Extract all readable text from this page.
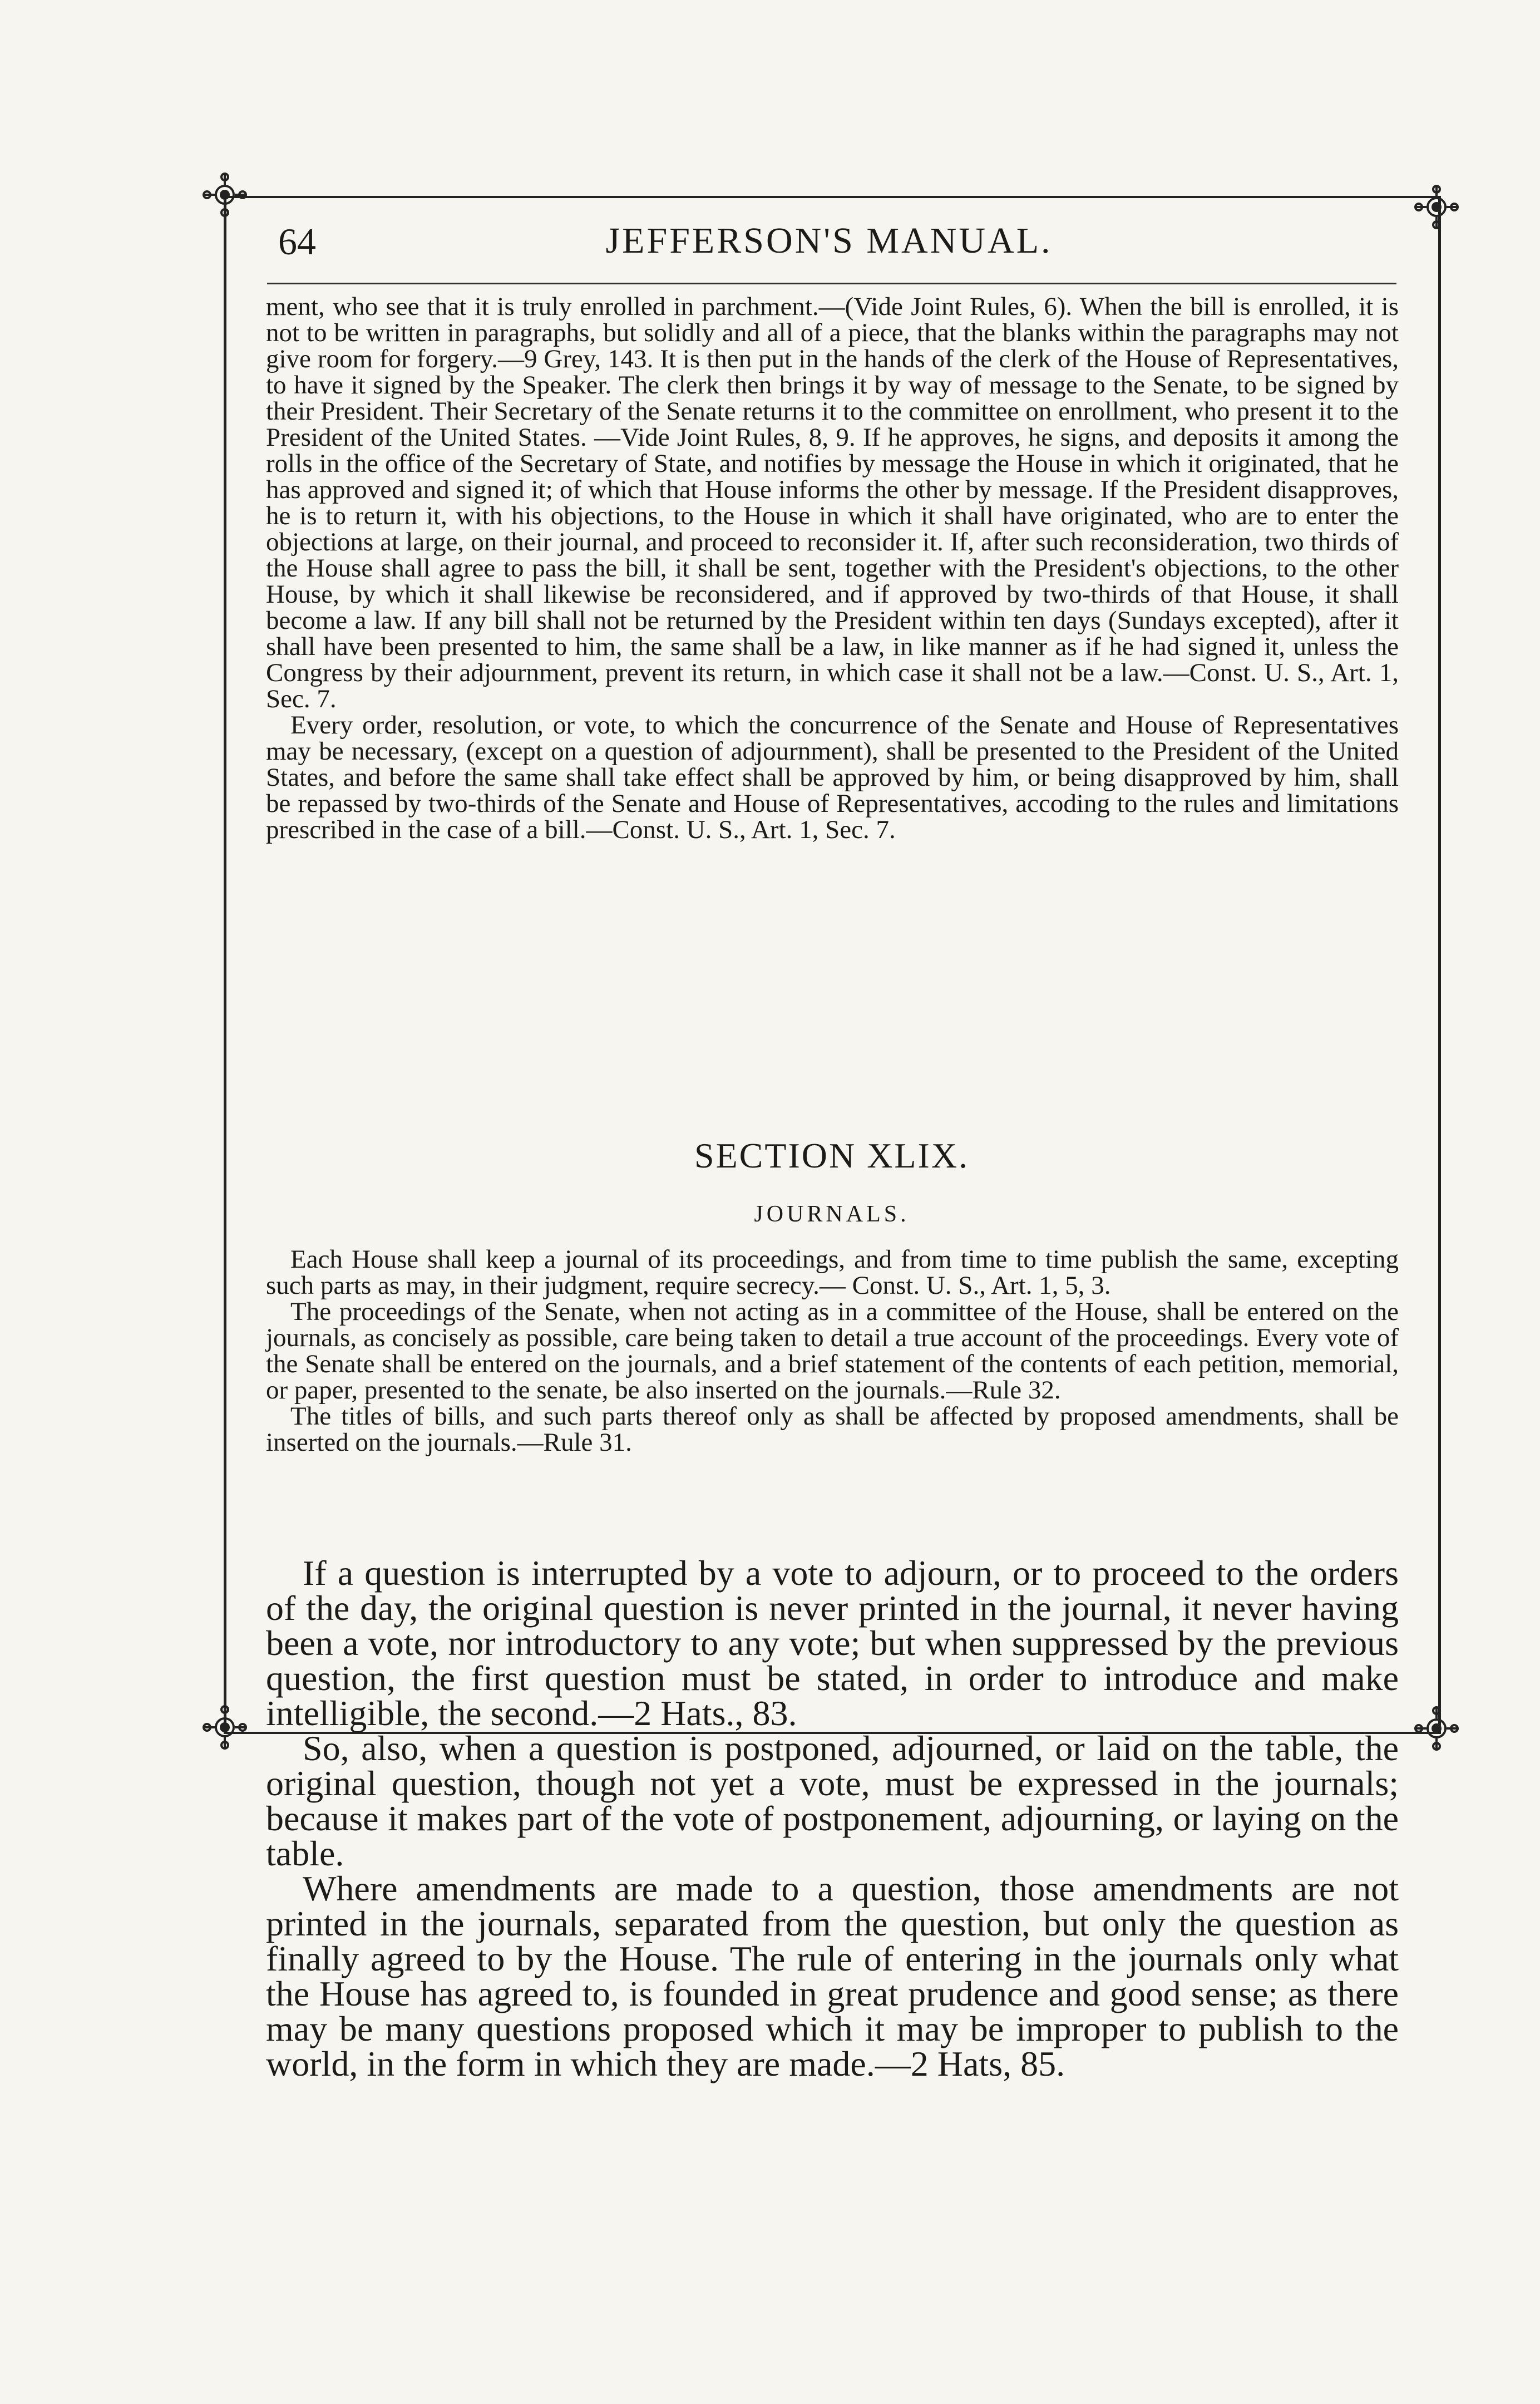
64	JEFFERSON'S MANUAL.

ment, who see that it is truly enrolled in parchment.—(Vide Joint Rules, 6). When the bill is enrolled, it is not to be written in paragraphs, but solidly and all of a piece, that the blanks within the paragraphs may not give room for forgery.—9 Grey, 143. It is then put in the hands of the clerk of the House of Representatives, to have it signed by the Speaker. The clerk then brings it by way of message to the Senate, to be signed by their President. Their Secretary of the Senate returns it to the committee on enrollment, who present it to the President of the United States. —Vide Joint Rules, 8, 9. If he approves, he signs, and deposits it among the rolls in the office of the Secretary of State, and notifies by message the House in which it originated, that he has approved and signed it; of which that House informs the other by message. If the President disapproves, he is to return it, with his objections, to the House in which it shall have originated, who are to enter the objections at large, on their journal, and proceed to reconsider it. If, after such reconsideration, two thirds of the House shall agree to pass the bill, it shall be sent, together with the President's objections, to the other House, by which it shall likewise be reconsidered, and if approved by two-thirds of that House, it shall become a law. If any bill shall not be returned by the President within ten days (Sundays excepted), after it shall have been presented to him, the same shall be a law, in like manner as if he had signed it, unless the Congress by their adjournment, prevent its return, in which case it shall not be a law.—Const. U. S., Art. 1, Sec. 7.

Every order, resolution, or vote, to which the concurrence of the Senate and House of Representatives may be necessary, (except on a question of adjournment), shall be presented to the President of the United States, and before the same shall take effect shall be approved by him, or being disapproved by him, shall be repassed by two-thirds of the Senate and House of Representatives, accoding to the rules and limitations prescribed in the case of a bill.—Const. U. S., Art. 1, Sec. 7.

SECTION XLIX.
JOURNALS.

Each House shall keep a journal of its proceedings, and from time to time publish the same, excepting such parts as may, in their judgment, require secrecy.— Const. U. S., Art. 1, 5, 3.

The proceedings of the Senate, when not acting as in a committee of the House, shall be entered on the journals, as concisely as possible, care being taken to detail a true account of the proceedings. Every vote of the Senate shall be entered on the journals, and a brief statement of the contents of each petition, memorial, or paper, presented to the senate, be also inserted on the journals.—Rule 32.

The titles of bills, and such parts thereof only as shall be affected by proposed amendments, shall be inserted on the journals.—Rule 31.

If a question is interrupted by a vote to adjourn, or to proceed to the orders of the day, the original question is never printed in the journal, it never having been a vote, nor introductory to any vote; but when suppressed by the previous question, the first question must be stated, in order to introduce and make intelligible, the second.—2 Hats., 83.

So, also, when a question is postponed, adjourned, or laid on the table, the original question, though not yet a vote, must be expressed in the journals; because it makes part of the vote of postponement, adjourning, or laying on the table.

Where amendments are made to a question, those amendments are not printed in the journals, separated from the question, but only the question as finally agreed to by the House. The rule of entering in the journals only what the House has agreed to, is founded in great prudence and good sense; as there may be many questions proposed which it may be improper to publish to the world, in the form in which they are made.—2 Hats, 85.
